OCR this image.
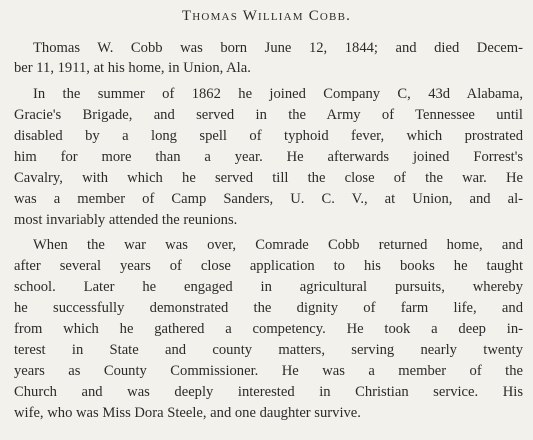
Thomas William Cobb.
Thomas W. Cobb was born June 12, 1844; and died Decem-
ber 11, 1911, at his home, in Union, Ala.
In the summer of 1862 he joined Company C, 43d Alabama,
Gracie's Brigade, and served in the Army of Tennessee until
disabled by a long spell of typhoid fever, which prostrated
him for more than a year. He afterwards joined Forrest's
Cavalry, with which he served till the close of the war. He
was a member of Camp Sanders, U. C. V., at Union, and al-
most invariably attended the reunions.
When the war was over, Comrade Cobb returned home, and
after several years of close application to his books he taught
school. Later he engaged in agricultural pursuits, whereby
he successfully demonstrated the dignity of farm life, and
from which he gathered a competency. He took a deep in-
terest in State and county matters, serving nearly twenty
years as County Commissioner. He was a member of the
Church and was deeply interested in Christian service. His
wife, who was Miss Dora Steele, and one daughter survive.
